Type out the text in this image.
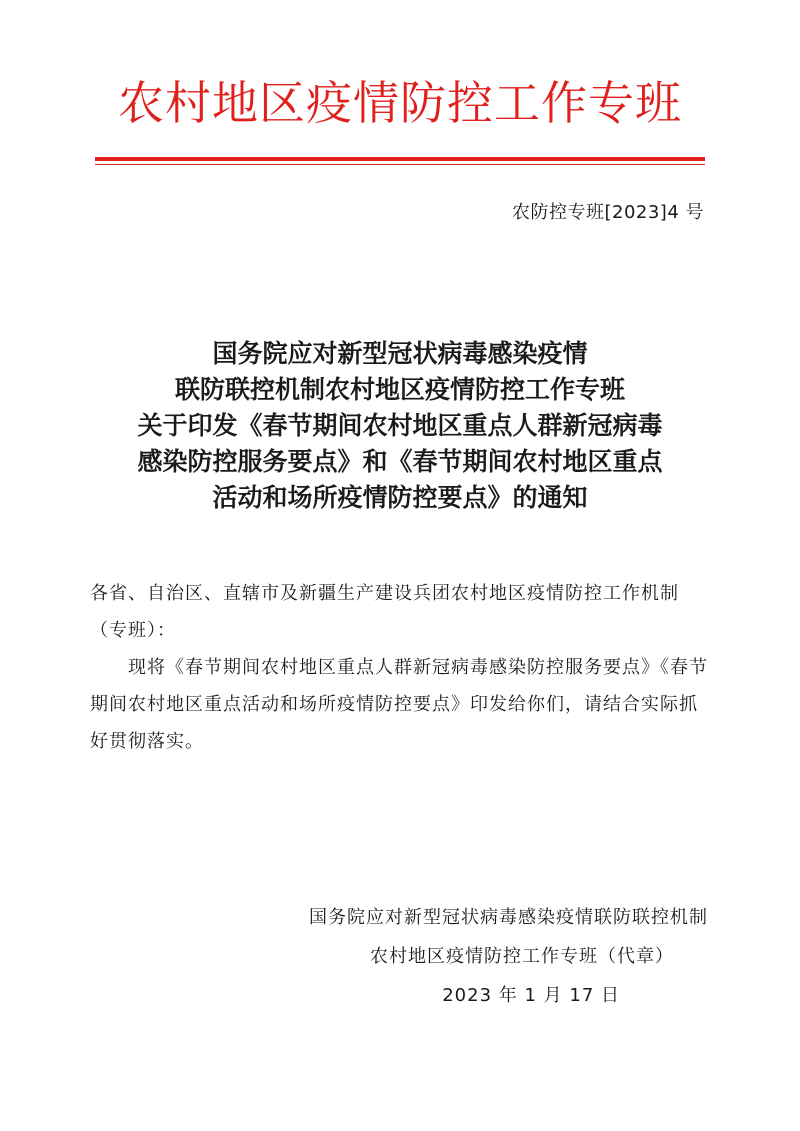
农村地区疫情防控工作专班
农防控专班[2023]4 号
国务院应对新型冠状病毒感染疫情
联防联控机制农村地区疫情防控工作专班
关于印发《春节期间农村地区重点人群新冠病毒
感染防控服务要点》和《春节期间农村地区重点
活动和场所疫情防控要点》的通知

各省、自治区、直辖市及新疆生产建设兵团农村地区疫情防控工作机制（专班）：

现将《春节期间农村地区重点人群新冠病毒感染防控服务要点》《春节期间农村地区重点活动和场所疫情防控要点》印发给你们，请结合实际抓好贯彻落实。

国务院应对新型冠状病毒感染疫情联防联控机制
农村地区疫情防控工作专班（代章）
2023 年 1 月 17 日
